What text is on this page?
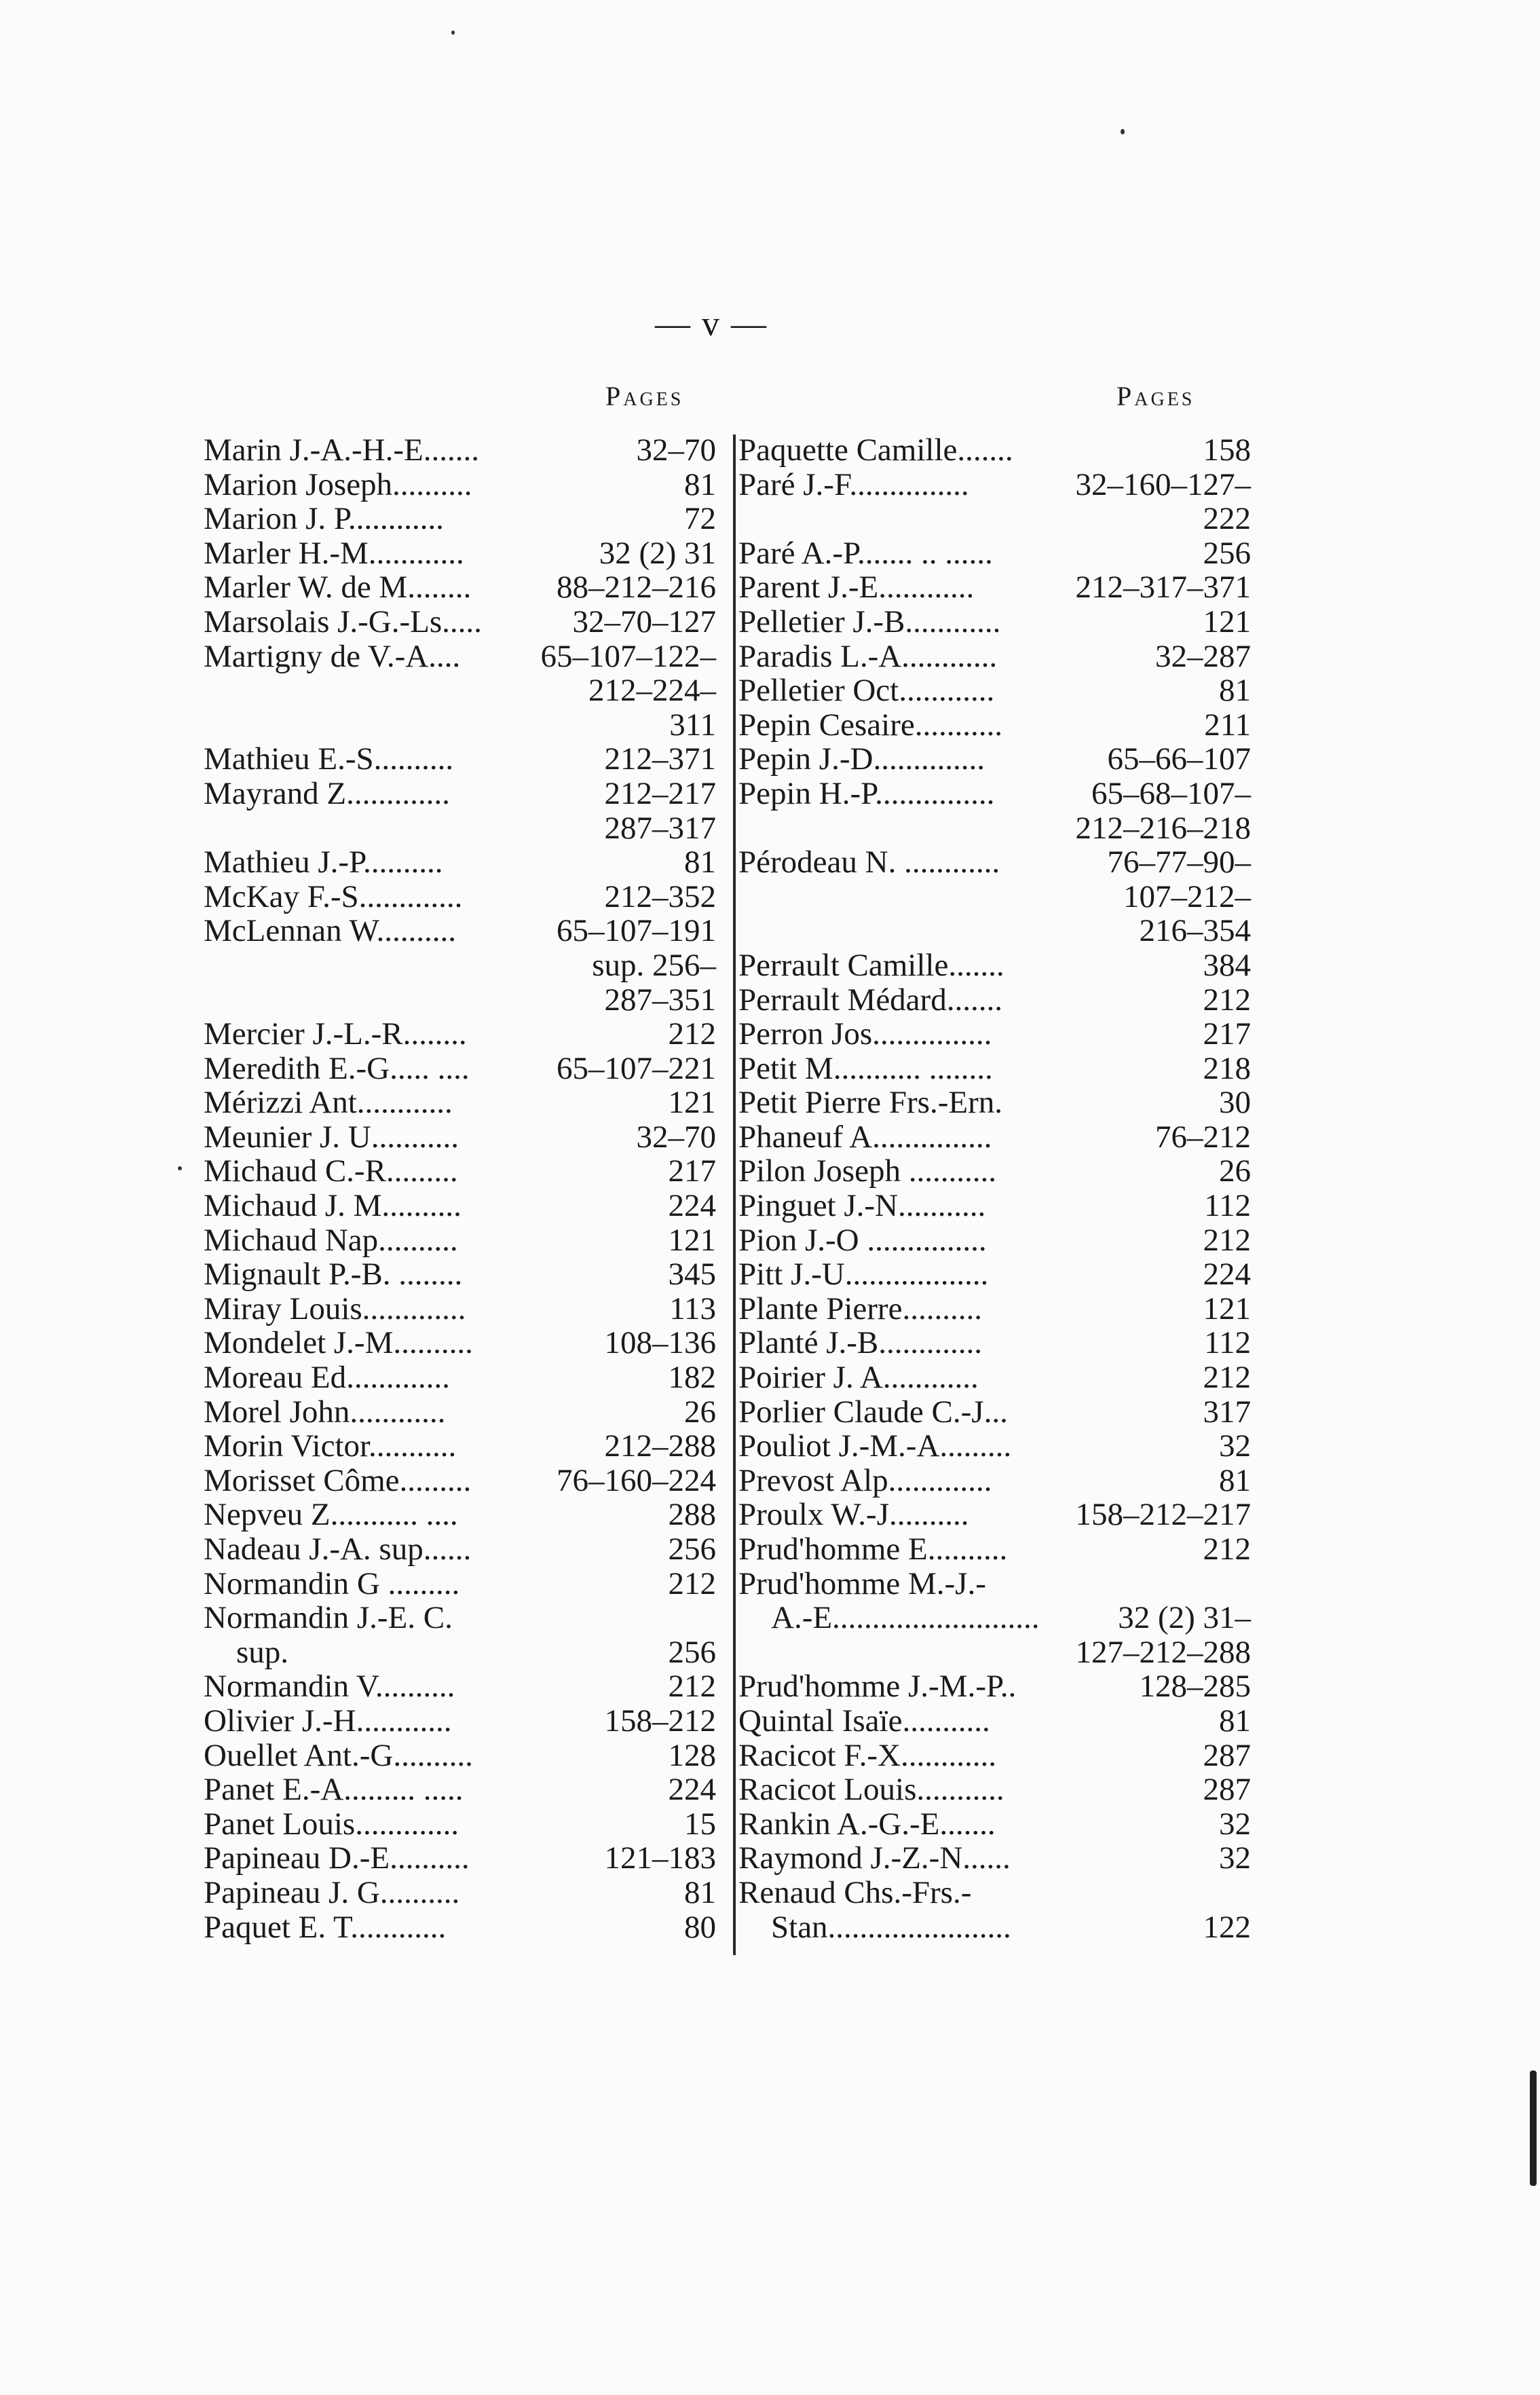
— v —
Pages	Pages
Marin J.-A.-H.-E.......	32–70
Marion Joseph..........	81
Marion J. P............	72
Marler H.-M............	32 (2) 31
Marler W. de M........	88–212–216
Marsolais J.-G.-Ls.....	32–70–127
Martigny de V.-A....	65–107–122–
212–224–
311
Mathieu E.-S..........	212–371
Mayrand Z.............	212–217
287–317
Mathieu J.-P..........	81
McKay F.-S.............	212–352
McLennan W..........	65–107–191
sup. 256–
287–351
Mercier J.-L.-R........	212
Meredith E.-G..... ....	65–107–221
Mérizzi Ant............	121
Meunier J. U...........	32–70
Michaud C.-R.........	217
Michaud J. M..........	224
Michaud Nap..........	121
Mignault P.-B. ........	345
Miray Louis.............	113
Mondelet J.-M..........	108–136
Moreau Ed.............	182
Morel John............	26
Morin Victor...........	212–288
Morisset Côme.........	76–160–224
Nepveu Z........... ....	288
Nadeau J.-A. sup......	256
Normandin G .........	212
Normandin J.-E. C.
sup.	256
Normandin V..........	212
Olivier J.-H............	158–212
Ouellet Ant.-G..........	128
Panet E.-A......... .....	224
Panet Louis.............	15
Papineau D.-E..........	121–183
Papineau J. G..........	81
Paquet E. T............	80
Paquette Camille.......	158
Paré J.-F...............	32–160–127–
222
Paré A.-P....... .. ......	256
Parent J.-E............	212–317–371
Pelletier J.-B............	121
Paradis L.-A............	32–287
Pelletier Oct............	81
Pepin Cesaire...........	211
Pepin J.-D..............	65–66–107
Pepin H.-P...............	65–68–107–
212–216–218
Pérodeau N. ............	76–77–90–
107–212–
216–354
Perrault Camille.......	384
Perrault Médard.......	212
Perron Jos...............	217
Petit M........... ........	218
Petit Pierre Frs.-Ern.	30
Phaneuf A...............	76–212
Pilon Joseph ...........	26
Pinguet J.-N...........	112
Pion J.-O ...............	212
Pitt J.-U..................	224
Plante Pierre..........	121
Planté J.-B.............	112
Poirier J. A............	212
Porlier Claude C.-J...	317
Pouliot J.-M.-A.........	32
Prevost Alp.............	81
Proulx W.-J..........	158–212–217
Prud'homme E..........	212
Prud'homme M.-J.-
A.-E.......................... 32 (2) 31–
127–212–288
Prud'homme J.-M.-P..	128–285
Quintal Isaïe...........	81
Racicot F.-X............	287
Racicot Louis...........	287
Rankin A.-G.-E.......	32
Raymond J.-Z.-N......	32
Renaud Chs.-Frs.-
Stan.......................	122
